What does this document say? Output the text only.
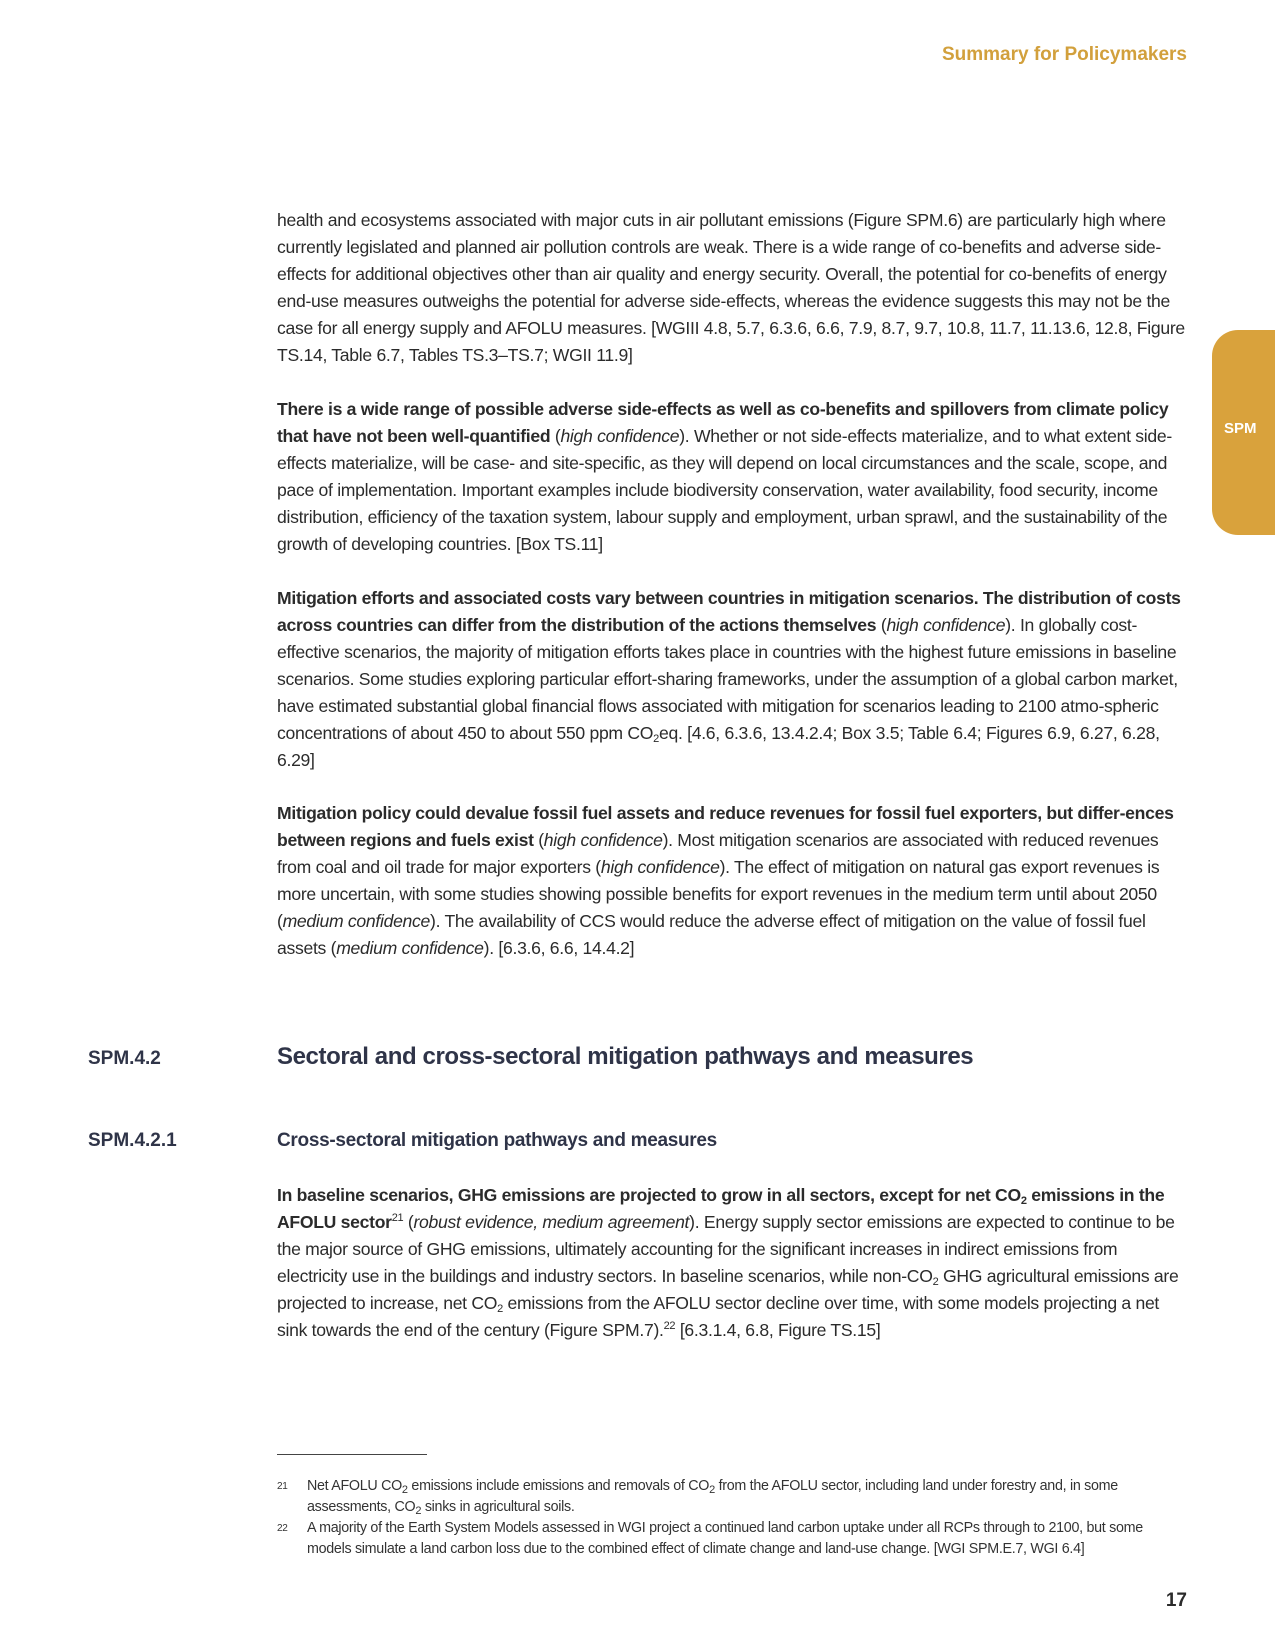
Summary for Policymakers
SPM

health and ecosystems associated with major cuts in air pollutant emissions (Figure SPM.6) are particularly high where currently legislated and planned air pollution controls are weak. There is a wide range of co-benefits and adverse side-effects for additional objectives other than air quality and energy security. Overall, the potential for co-benefits of energy end-use measures outweighs the potential for adverse side-effects, whereas the evidence suggests this may not be the case for all energy supply and AFOLU measures. [WGIII 4.8, 5.7, 6.3.6, 6.6, 7.9, 8.7, 9.7, 10.8, 11.7, 11.13.6, 12.8, Figure TS.14, Table 6.7, Tables TS.3–TS.7; WGII 11.9]

There is a wide range of possible adverse side-effects as well as co-benefits and spillovers from climate policy that have not been well-quantified (high confidence). Whether or not side-effects materialize, and to what extent side-effects materialize, will be case- and site-specific, as they will depend on local circumstances and the scale, scope, and pace of implementation. Important examples include biodiversity conservation, water availability, food security, income distribution, efficiency of the taxation system, labour supply and employment, urban sprawl, and the sustainability of the growth of developing countries. [Box TS.11]

Mitigation efforts and associated costs vary between countries in mitigation scenarios. The distribution of costs across countries can differ from the distribution of the actions themselves (high confidence). In globally cost-effective scenarios, the majority of mitigation efforts takes place in countries with the highest future emissions in baseline scenarios. Some studies exploring particular effort-sharing frameworks, under the assumption of a global carbon market, have estimated substantial global financial flows associated with mitigation for scenarios leading to 2100 atmo-spheric concentrations of about 450 to about 550 ppm $CO_2eq$. [4.6, 6.3.6, 13.4.2.4; Box 3.5; Table 6.4; Figures 6.9, 6.27, 6.28, 6.29]

Mitigation policy could devalue fossil fuel assets and reduce revenues for fossil fuel exporters, but differ-ences between regions and fuels exist (high confidence). Most mitigation scenarios are associated with reduced revenues from coal and oil trade for major exporters (high confidence). The effect of mitigation on natural gas export revenues is more uncertain, with some studies showing possible benefits for export revenues in the medium term until about 2050 (medium confidence). The availability of CCS would reduce the adverse effect of mitigation on the value of fossil fuel assets (medium confidence). [6.3.6, 6.6, 14.4.2]

SPM.4.2	Sectoral and cross-sectoral mitigation pathways and measures
SPM.4.2.1	Cross-sectoral mitigation pathways and measures

In baseline scenarios, GHG emissions are projected to grow in all sectors, except for net $CO_2$ emissions in the AFOLU sector$^{21}$ (robust evidence, medium agreement). Energy supply sector emissions are expected to continue to be the major source of GHG emissions, ultimately accounting for the significant increases in indirect emissions from electricity use in the buildings and industry sectors. In baseline scenarios, while non-$CO_2$ GHG agricultural emissions are projected to increase, net $CO_2$ emissions from the AFOLU sector decline over time, with some models projecting a net sink towards the end of the century (Figure SPM.7).$^{22}$ [6.3.1.4, 6.8, Figure TS.15]

21 Net AFOLU $CO_2$ emissions include emissions and removals of $CO_2$ from the AFOLU sector, including land under forestry and, in some assessments, $CO_2$ sinks in agricultural soils.
22 A majority of the Earth System Models assessed in WGI project a continued land carbon uptake under all RCPs through to 2100, but some models simulate a land carbon loss due to the combined effect of climate change and land-use change. [WGI SPM.E.7, WGI 6.4]
17
